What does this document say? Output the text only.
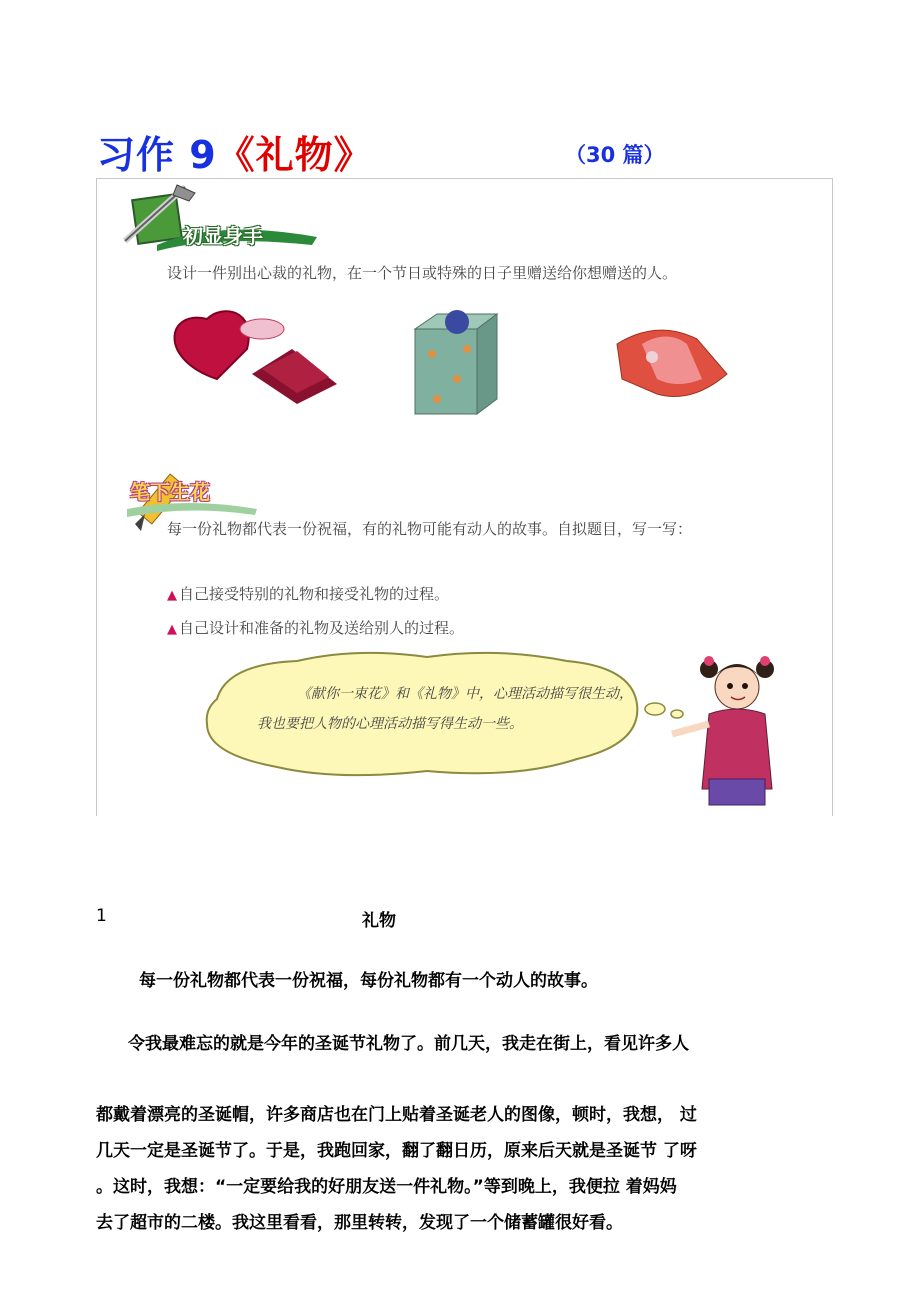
习作 9《礼物》	（30 篇）
初显身手
设计一件别出心裁的礼物，在一个节日或特殊的日子里赠送给你想赠送的人。
笔下生花
每一份礼物都代表一份祝福，有的礼物可能有动人的故事。自拟题目，写一写：
▲ 自己接受特别的礼物和接受礼物的过程。
▲ 自己设计和准备的礼物及送给别人的过程。
《献你一束花》和《礼物》中，心理活动描写很生动，我也要把人物的心理活动描写得生动一些。
1	礼物
每一份礼物都代表一份祝福，每份礼物都有一个动人的故事。
令我最难忘的就是今年的圣诞节礼物了。前几天，我走在街上，看见许多人
都戴着漂亮的圣诞帽，许多商店也在门上贴着圣诞老人的图像，顿时，我想， 过
几天一定是圣诞节了。于是，我跑回家，翻了翻日历，原来后天就是圣诞节 了呀
。这时，我想：“一定要给我的好朋友送一件礼物。”等到晚上，我便拉 着妈妈
去了超市的二楼。我这里看看，那里转转，发现了一个储蓄罐很好看。
